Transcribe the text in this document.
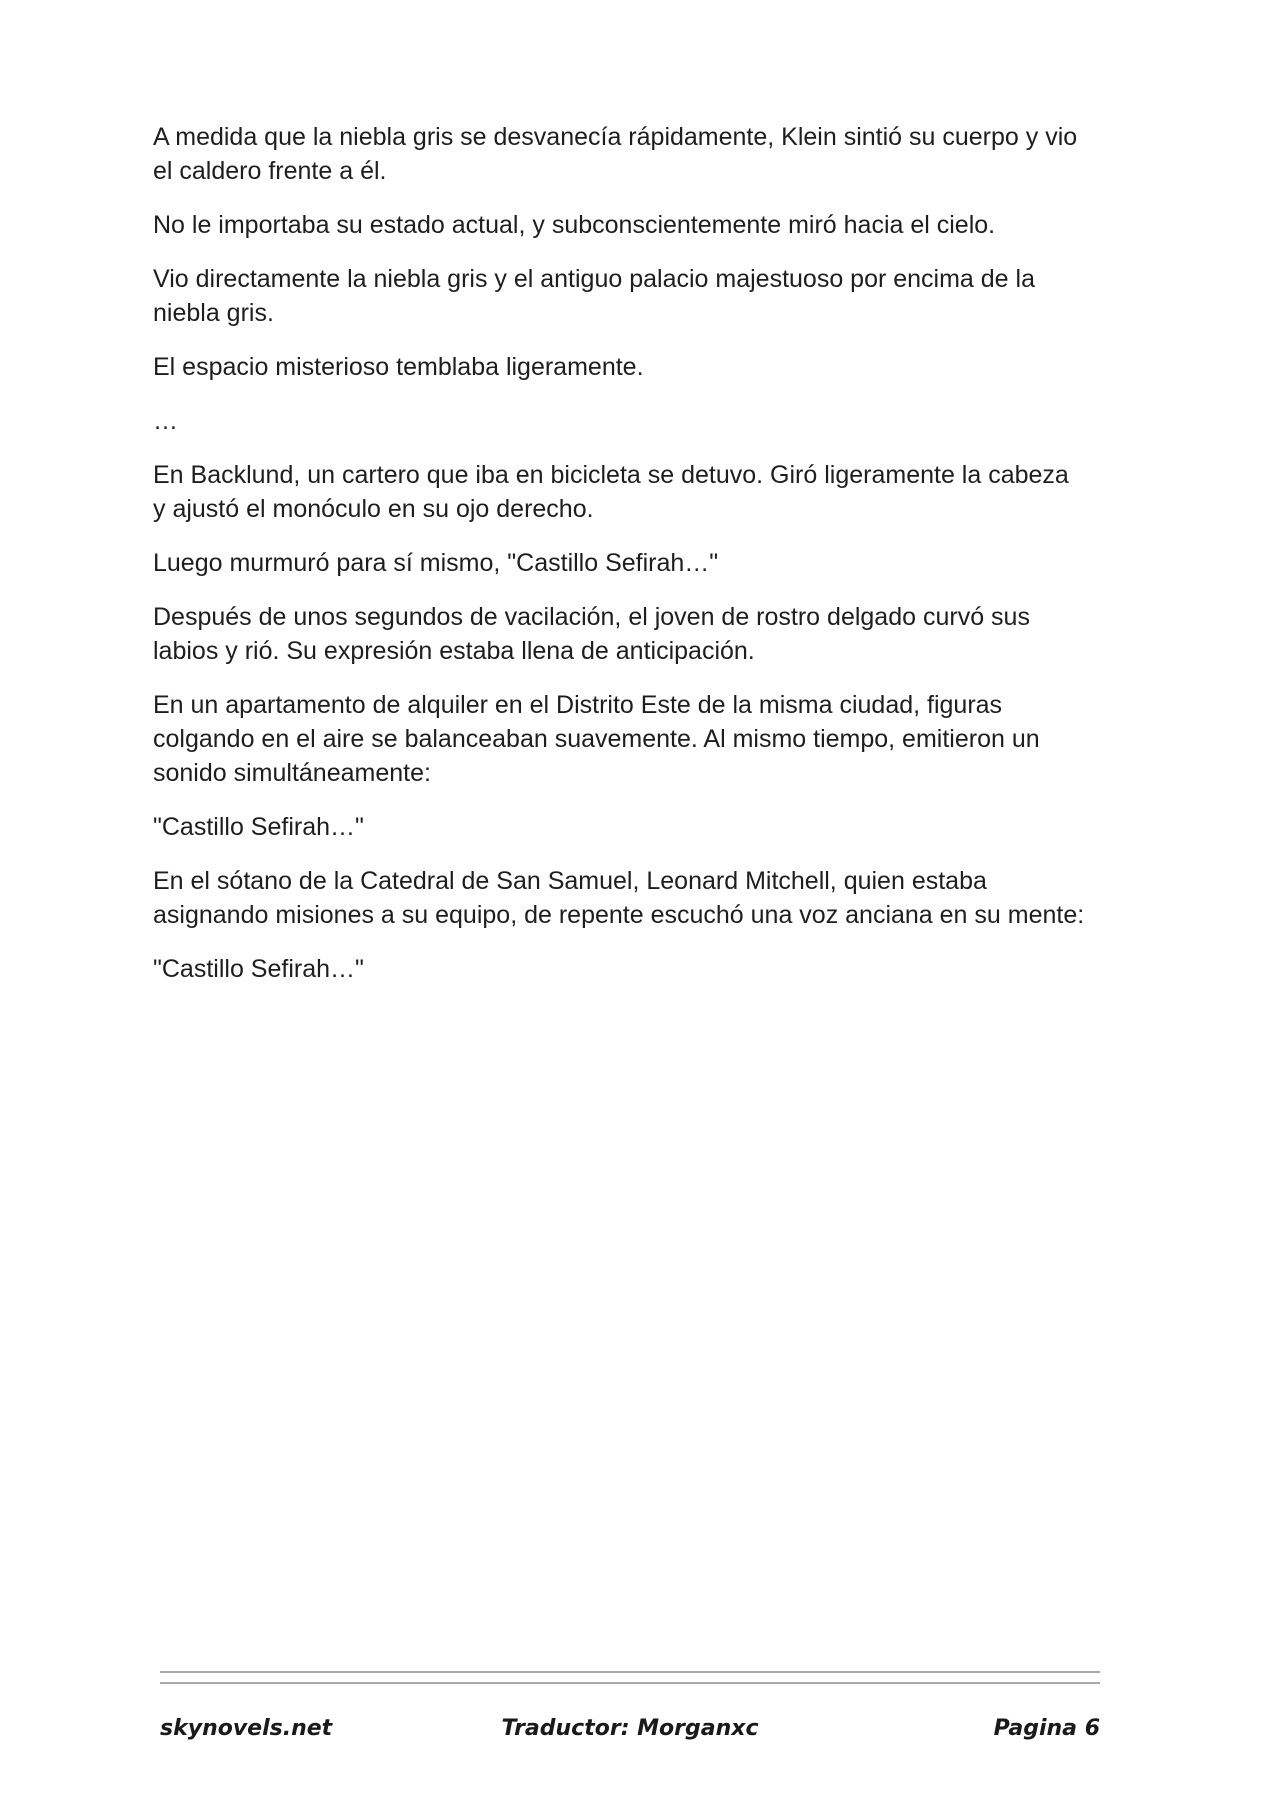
A medida que la niebla gris se desvanecía rápidamente, Klein sintió su cuerpo y vio el caldero frente a él.

No le importaba su estado actual, y subconscientemente miró hacia el cielo.

Vio directamente la niebla gris y el antiguo palacio majestuoso por encima de la niebla gris.

El espacio misterioso temblaba ligeramente.

…

En Backlund, un cartero que iba en bicicleta se detuvo. Giró ligeramente la cabeza y ajustó el monóculo en su ojo derecho.

Luego murmuró para sí mismo, "Castillo Sefirah…"

Después de unos segundos de vacilación, el joven de rostro delgado curvó sus labios y rió. Su expresión estaba llena de anticipación.

En un apartamento de alquiler en el Distrito Este de la misma ciudad, figuras colgando en el aire se balanceaban suavemente. Al mismo tiempo, emitieron un sonido simultáneamente:

"Castillo Sefirah…"

En el sótano de la Catedral de San Samuel, Leonard Mitchell, quien estaba asignando misiones a su equipo, de repente escuchó una voz anciana en su mente:

"Castillo Sefirah…"

skynovels.net	Traductor: Morganxc	Pagina 6
